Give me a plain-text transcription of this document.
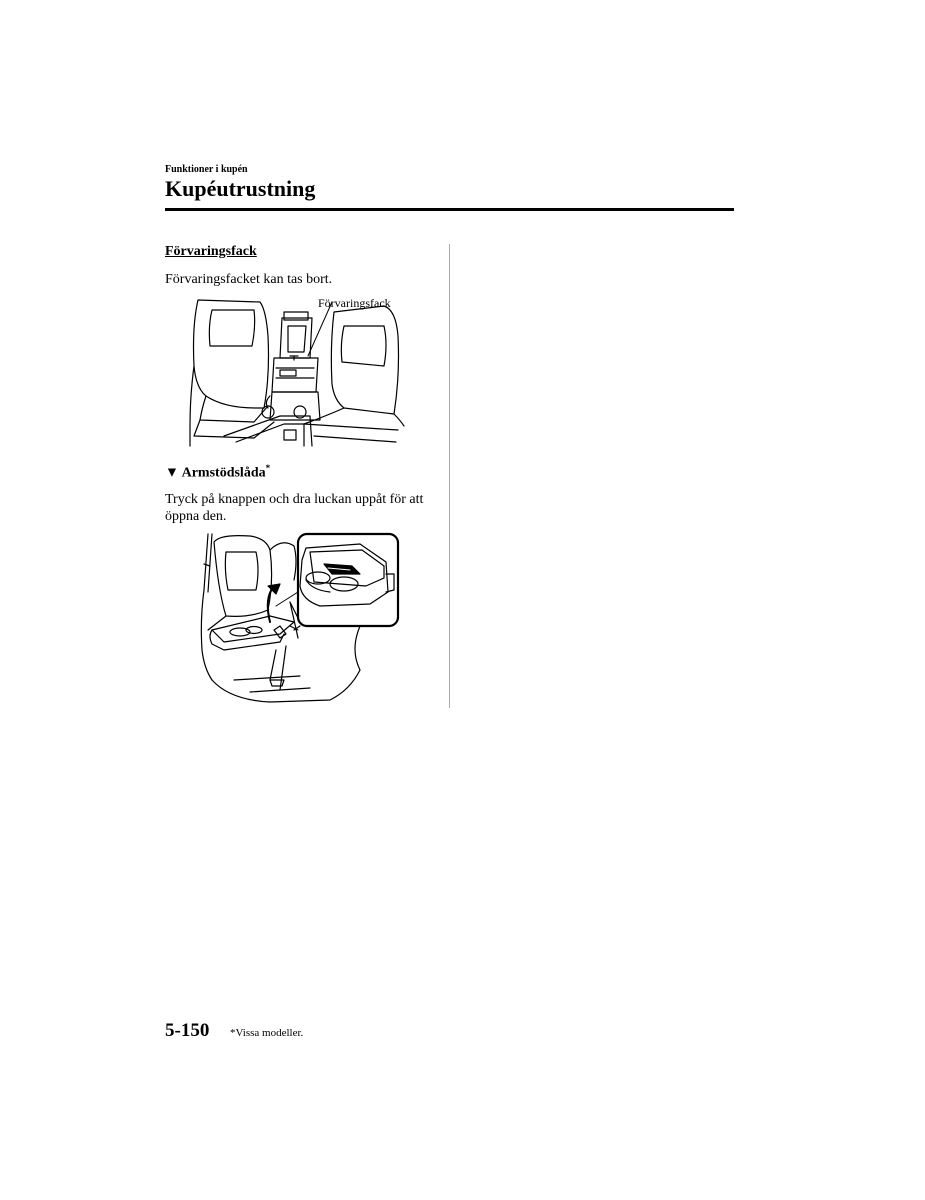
Funktioner i kupén
Kupéutrustning
Förvaringsfack
Förvaringsfacket kan tas bort.
Förvaringsfack
▼ Armstödslåda*
Tryck på knappen och dra luckan uppåt för att öppna den.
5-150 *Vissa modeller.
